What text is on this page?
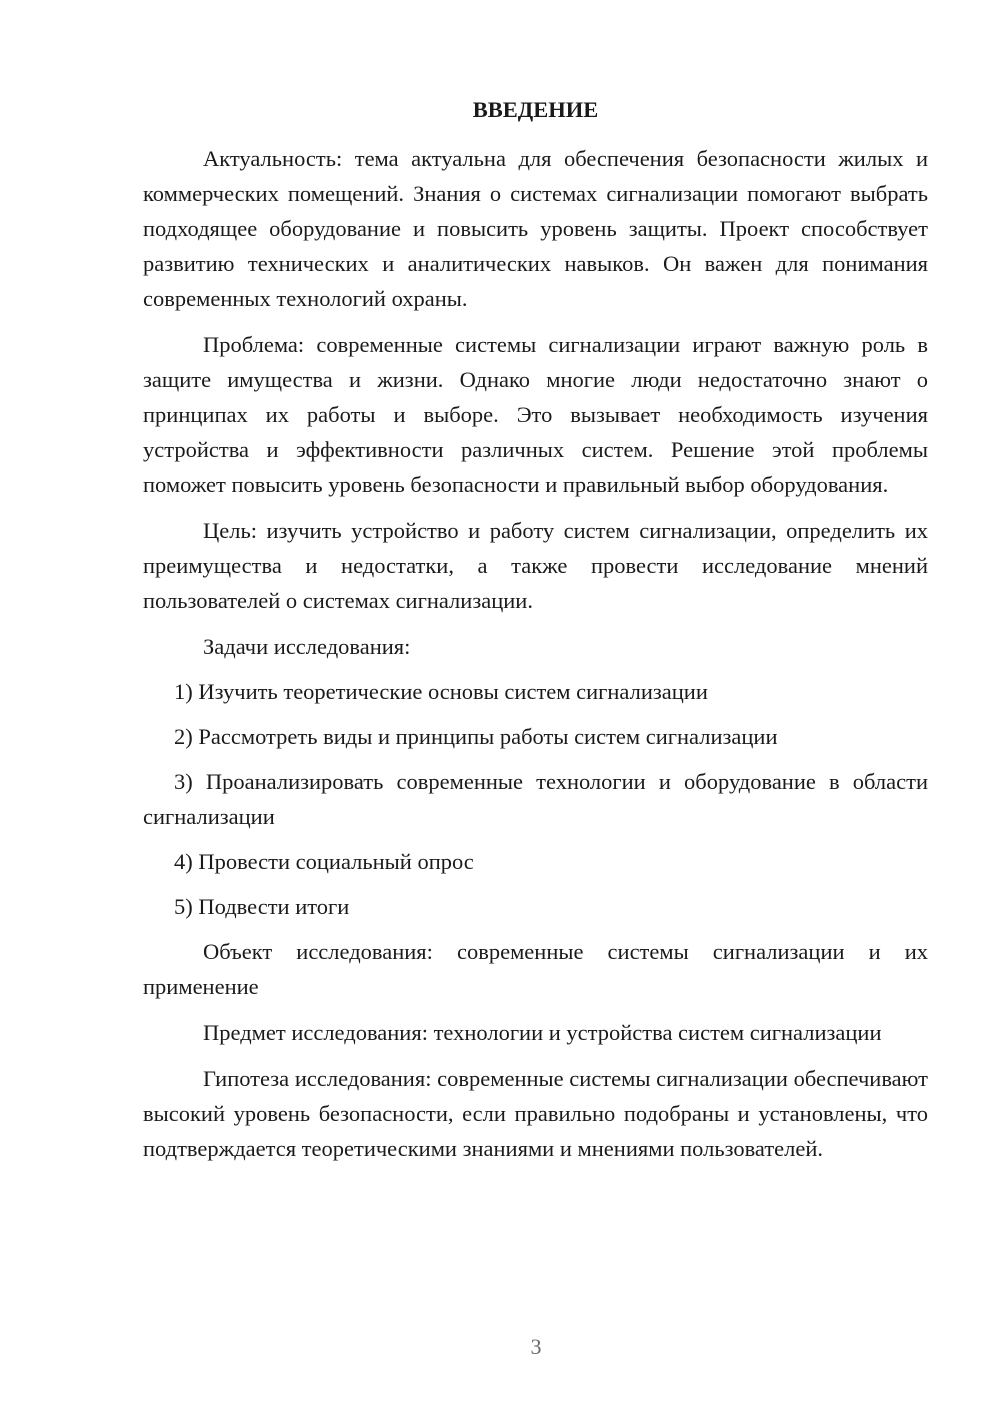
ВВЕДЕНИЕ

Актуальность: тема актуальна для обеспечения безопасности жилых и коммерческих помещений. Знания о системах сигнализации помогают выбрать подходящее оборудование и повысить уровень защиты. Проект способствует развитию технических и аналитических навыков. Он важен для понимания современных технологий охраны.

Проблема: современные системы сигнализации играют важную роль в защите имущества и жизни. Однако многие люди недостаточно знают о принципах их работы и выборе. Это вызывает необходимость изучения устройства и эффективности различных систем. Решение этой проблемы поможет повысить уровень безопасности и правильный выбор оборудования.

Цель: изучить устройство и работу систем сигнализации, определить их преимущества и недостатки, а также провести исследование мнений пользователей о системах сигнализации.

Задачи исследования:

1) Изучить теоретические основы систем сигнализации

2) Рассмотреть виды и принципы работы систем сигнализации

3) Проанализировать современные технологии и оборудование в области сигнализации

4) Провести социальный опрос

5) Подвести итоги

Объект исследования: современные системы сигнализации и их применение

Предмет исследования: технологии и устройства систем сигнализации

Гипотеза исследования: современные системы сигнализации обеспечивают высокий уровень безопасности, если правильно подобраны и установлены, что подтверждается теоретическими знаниями и мнениями пользователей.

3
